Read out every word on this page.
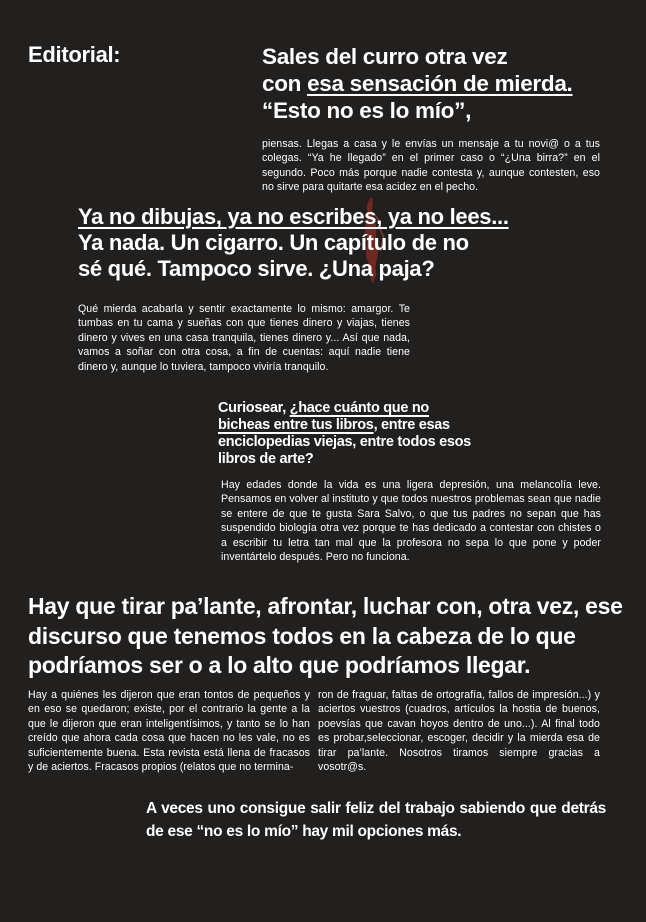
Editorial:	Sales del curro otra vez
con esa sensación de mierda.
“Esto no es lo mío”,
piensas. Llegas a casa y le envías un mensaje a tu novi@ o a tus colegas. “Ya he llegado” en el primer caso o “¿Una birra?” en el segundo. Poco más porque nadie contesta y, aunque contesten, eso no sirve para quitarte esa acidez en el pecho.
Ya no dibujas, ya no escribes, ya no lees...
Ya nada. Un cigarro. Un capítulo de no
sé qué. Tampoco sirve. ¿Una paja?
Qué mierda acabarla y sentir exactamente lo mismo: amargor. Te tumbas en tu cama y sueñas con que tienes dinero y viajas, tienes dinero y vives en una casa tranquila, tienes dinero y... Así que nada, vamos a soñar con otra cosa, a fin de cuentas: aquí nadie tiene dinero y, aunque lo tuviera, tampoco viviría tranquilo.
Curiosear, ¿hace cuánto que no bicheas entre tus libros, entre esas enciclopedias viejas, entre todos esos libros de arte?
Hay edades donde la vida es una ligera depresión, una melancolía leve. Pensamos en volver al instituto y que todos nuestros problemas sean que nadie se entere de que te gusta Sara Salvo, o que tus padres no sepan que has suspendido biología otra vez porque te has dedicado a contestar con chistes o a escribir tu letra tan mal que la profesora no sepa lo que pone y poder inventártelo después. Pero no funciona.
Hay que tirar pa’lante, afrontar, luchar con, otra vez, ese discurso que tenemos todos en la cabeza de lo que podríamos ser o a lo alto que podríamos llegar.
Hay a quiénes les dijeron que eran tontos de pequeños y en eso se quedaron; existe, por el contrario la gente a la que le dijeron que eran inteligentísimos, y tanto se lo han creído que ahora cada cosa que hacen no les vale, no es suficientemente buena. Esta revista está llena de fracasos y de aciertos. Fracasos propios (relatos que no termina-
ron de fraguar, faltas de ortografía, fallos de impresión...) y aciertos vuestros (cuadros, artículos la hostia de buenos, poevsías que cavan hoyos dentro de uno...). Al final todo es probar,seleccionar, escoger, decidir y la mierda esa de tirar pa’lante. Nosotros tiramos siempre gracias a vosotr@s.
A veces uno consigue salir feliz del trabajo sabiendo que detrás de ese “no es lo mío” hay mil opciones más.
